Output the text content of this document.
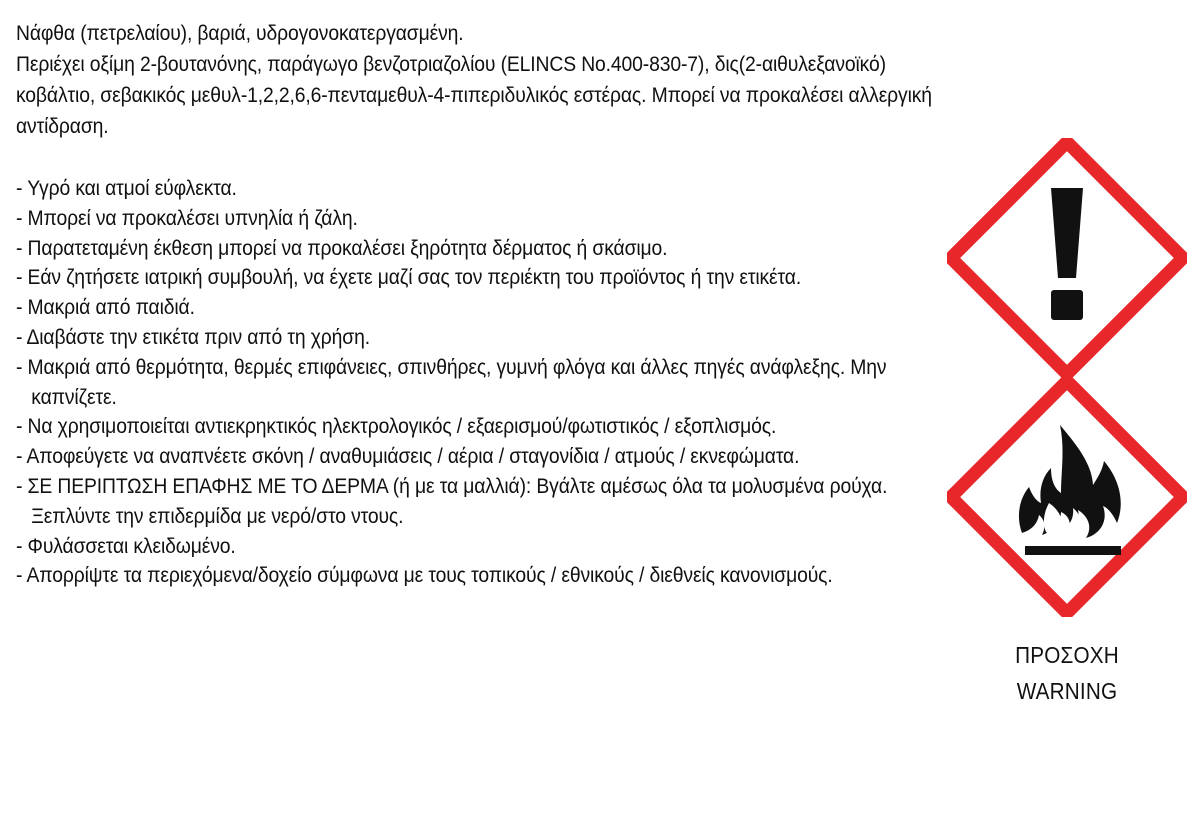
Νάφθα (πετρελαίου), βαριά, υδρογονοκατεργασμένη.

Περιέχει οξίμη 2-βουτανόνης, παράγωγο βενζοτριαζολίου (ELINCS No.400-830-7), δις(2-αιθυλεξανοϊκό)

κοβάλτιο, σεβακικός μεθυλ-1,2,2,6,6-πενταμεθυλ-4-πιπεριδυλικός εστέρας. Μπορεί να προκαλέσει αλλεργική

αντίδραση.

- Υγρό και ατμοί εύφλεκτα.
- Μπορεί να προκαλέσει υπνηλία ή ζάλη.
- Παρατεταμένη έκθεση μπορεί να προκαλέσει ξηρότητα δέρματος ή σκάσιμο.
- Εάν ζητήσετε ιατρική συμβουλή, να έχετε μαζί σας τον περιέκτη του προϊόντος ή την ετικέτα.
- Μακριά από παιδιά.
- Διαβάστε την ετικέτα πριν από τη χρήση.
- Μακριά από θερμότητα, θερμές επιφάνειες, σπινθήρες, γυμνή φλόγα και άλλες πηγές ανάφλεξης. Μην καπνίζετε.
- Να χρησιμοποιείται αντιεκρηκτικός ηλεκτρολογικός / εξαερισμού/φωτιστικός / εξοπλισμός.
- Αποφεύγετε να αναπνέετε σκόνη / αναθυμιάσεις / αέρια / σταγονίδια / ατμούς / εκνεφώματα.
- ΣΕ ΠΕΡΙΠΤΩΣΗ ΕΠΑΦΗΣ ΜΕ ΤΟ ΔΕΡΜΑ (ή με τα μαλλιά): Βγάλτε αμέσως όλα τα μολυσμένα ρούχα. Ξεπλύντε την επιδερμίδα με νερό/στο ντους.
- Φυλάσσεται κλειδωμένο.
- Απορρίψτε τα περιεχόμενα/δοχείο σύμφωνα με τους τοπικούς / εθνικούς / διεθνείς κανονισμούς.
ΠΡΟΣΟΧΗ
WARNING
